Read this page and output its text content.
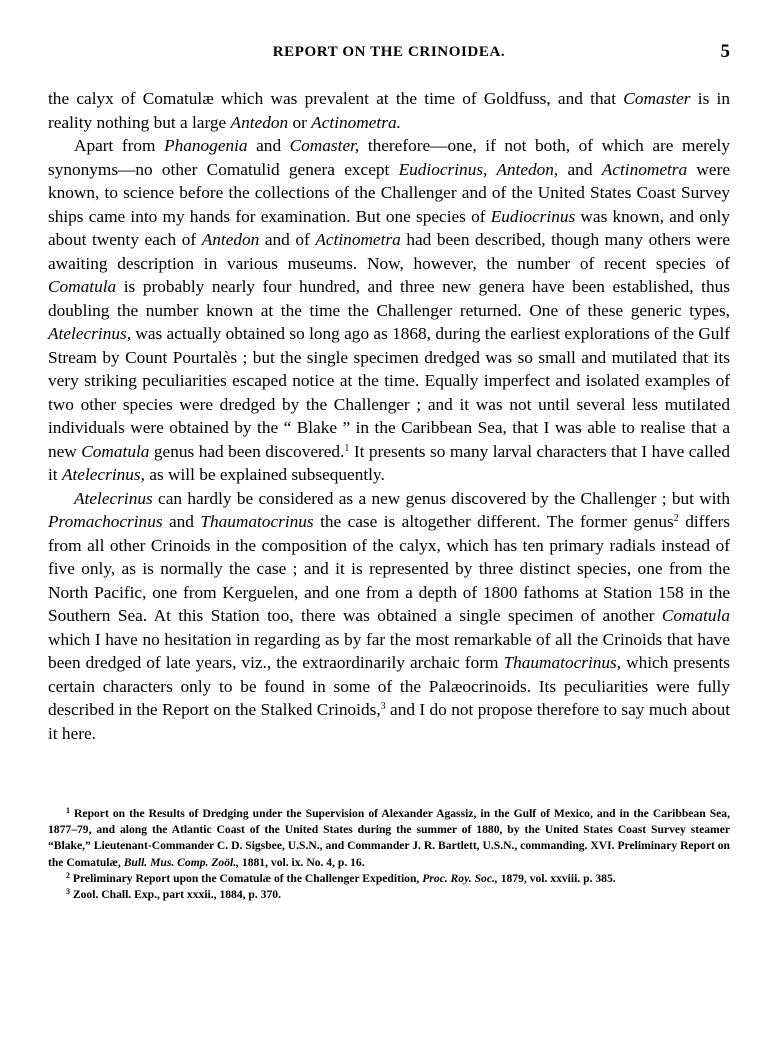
REPORT ON THE CRINOIDEA.	5

the calyx of Comatulæ which was prevalent at the time of Goldfuss, and that Comaster is in reality nothing but a large Antedon or Actinometra.

Apart from Phanogenia and Comaster, therefore—one, if not both, of which are merely synonyms—no other Comatulid genera except Eudiocrinus, Antedon, and Actinometra were known, to science before the collections of the Challenger and of the United States Coast Survey ships came into my hands for examination. But one species of Eudiocrinus was known, and only about twenty each of Antedon and of Actinometra had been described, though many others were awaiting description in various museums. Now, however, the number of recent species of Comatula is probably nearly four hundred, and three new genera have been established, thus doubling the number known at the time the Challenger returned. One of these generic types, Atelecrinus, was actually obtained so long ago as 1868, during the earliest explorations of the Gulf Stream by Count Pourtalès ; but the single specimen dredged was so small and mutilated that its very striking peculiarities escaped notice at the time. Equally imperfect and isolated examples of two other species were dredged by the Challenger ; and it was not until several less mutilated individuals were obtained by the “ Blake ” in the Caribbean Sea, that I was able to realise that a new Comatula genus had been discovered.$^1$ It presents so many larval characters that I have called it Atelecrinus, as will be explained subsequently.

Atelecrinus can hardly be considered as a new genus discovered by the Challenger ; but with Promachocrinus and Thaumatocrinus the case is altogether different. The former genus$^2$ differs from all other Crinoids in the composition of the calyx, which has ten primary radials instead of five only, as is normally the case ; and it is represented by three distinct species, one from the North Pacific, one from Kerguelen, and one from a depth of 1800 fathoms at Station 158 in the Southern Sea. At this Station too, there was obtained a single specimen of another Comatula which I have no hesitation in regarding as by far the most remarkable of all the Crinoids that have been dredged of late years, viz., the extraordinarily archaic form Thaumatocrinus, which presents certain characters only to be found in some of the Palæocrinoids. Its peculiarities were fully described in the Report on the Stalked Crinoids,$^3$ and I do not propose therefore to say much about it here.

$^1$ Report on the Results of Dredging under the Supervision of Alexander Agassiz, in the Gulf of Mexico, and in the Caribbean Sea, 1877–79, and along the Atlantic Coast of the United States during the summer of 1880, by the United States Coast Survey steamer “Blake,” Lieutenant-Commander C. D. Sigsbee, U.S.N., and Commander J. R. Bartlett, U.S.N., commanding. XVI. Preliminary Report on the Comatulæ, Bull. Mus. Comp. Zoöl., 1881, vol. ix. No. 4, p. 16.

$^2$ Preliminary Report upon the Comatulæ of the Challenger Expedition, Proc. Roy. Soc., 1879, vol. xxviii. p. 385.

$^3$ Zool. Chall. Exp., part xxxii., 1884, p. 370.
